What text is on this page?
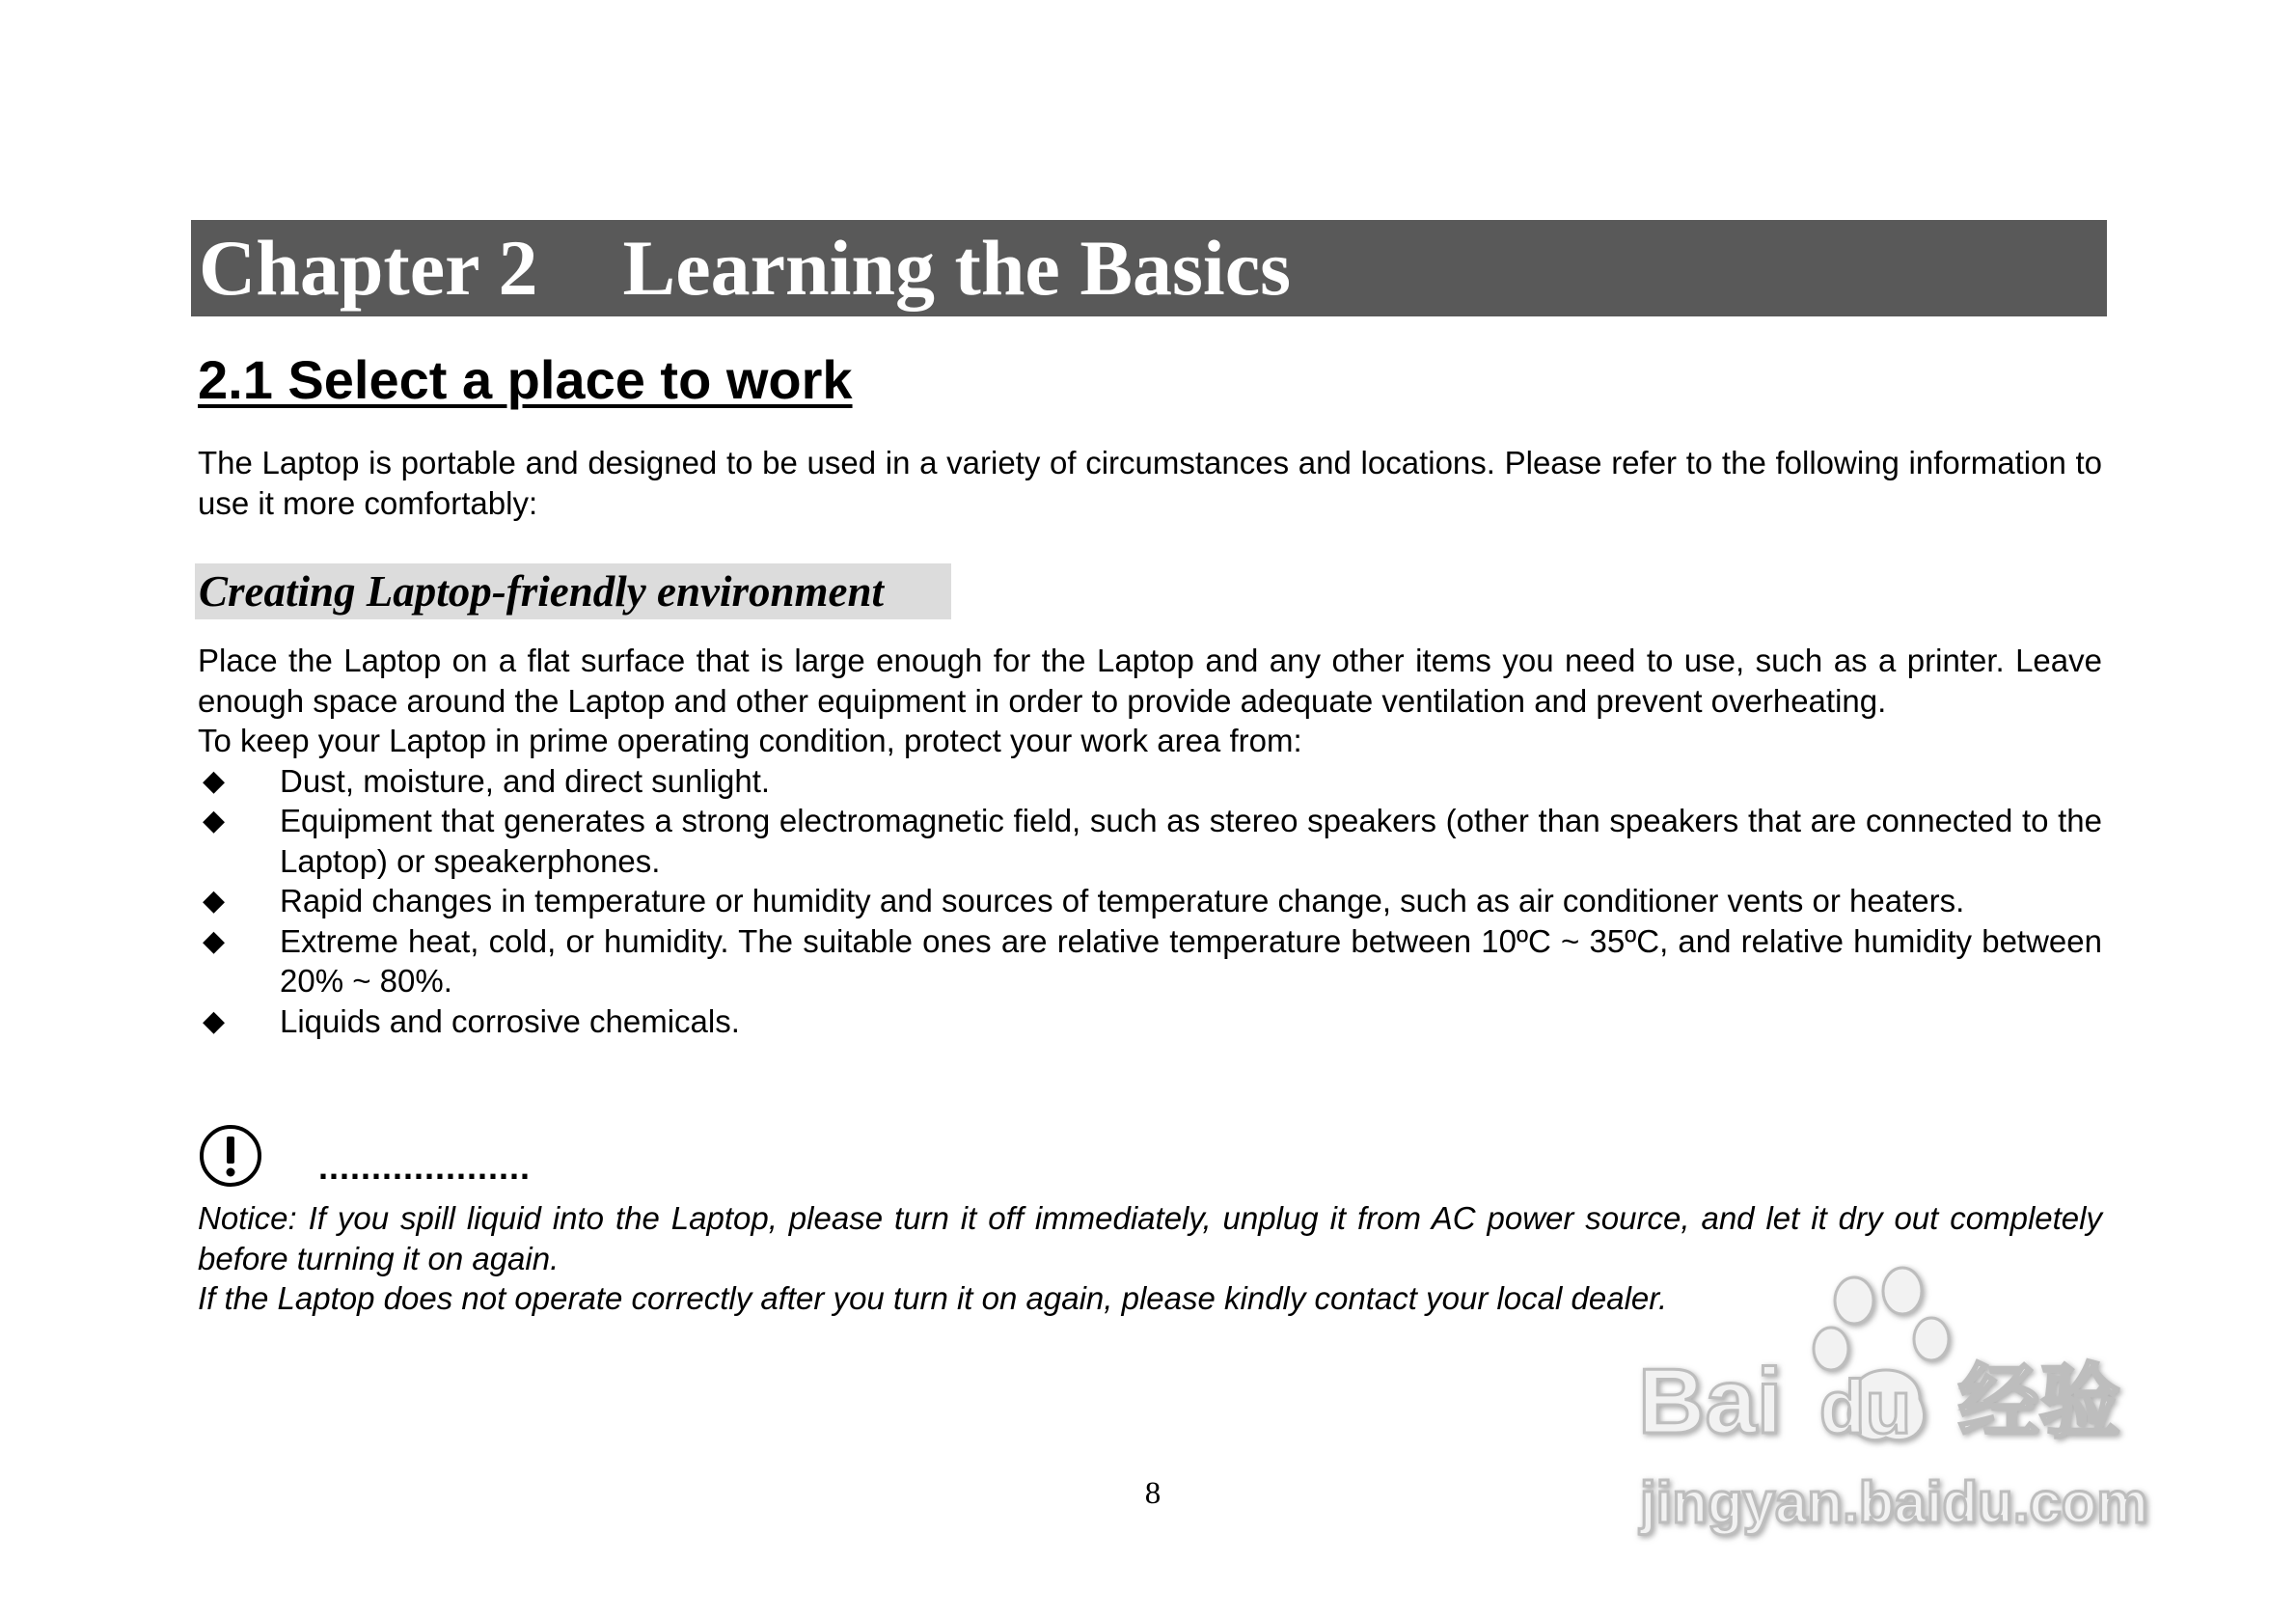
Chapter 2 Learning the Basics
2.1 Select a place to work

The Laptop is portable and designed to be used in a variety of circumstances and locations. Please refer to the following information to use it more comfortably:

Creating Laptop-friendly environment

Place the Laptop on a flat surface that is large enough for the Laptop and any other items you need to use, such as a printer. Leave enough space around the Laptop and other equipment in order to provide adequate ventilation and prevent overheating.

To keep your Laptop in prime operating condition, protect your work area from:

◆ Dust, moisture, and direct sunlight.
◆ Equipment that generates a strong electromagnetic field, such as stereo speakers (other than speakers that are connected to the Laptop) or speakerphones.
◆ Rapid changes in temperature or humidity and sources of temperature change, such as air conditioner vents or heaters.
◆ Extreme heat, cold, or humidity. The suitable ones are relative temperature between 10ºC ~ 35ºC, and relative humidity between 20% ~ 80%.
◆ Liquids and corrosive chemicals.

....................

Notice: If you spill liquid into the Laptop, please turn it off immediately, unplug it from AC power source, and let it dry out completely before turning it on again.

If the Laptop does not operate correctly after you turn it on again, please kindly contact your local dealer.

8

Bai du 经验
jingyan.baidu.com
